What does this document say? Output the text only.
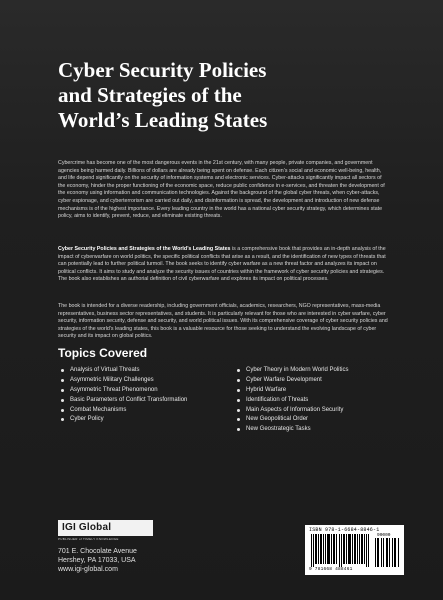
Cyber Security Policies
and Strategies of the
World’s Leading States
Cybercrime has become one of the most dangerous events in the 21st century, with many people, private companies, and government agencies being harmed daily. Billions of dollars are already being spent on defense. Each citizen’s social and economic well-being, health, and life depend significantly on the security of information systems and electronic services. Cyber-attacks significantly impact all sectors of the economy, hinder the proper functioning of the economic space, reduce public confidence in e-services, and threaten the development of the economy using information and communication technologies. Against the background of the global cyber threats, when cyber-attacks, cyber espionage, and cyberterrorism are carried out daily, and disinformation is spread, the development and introduction of new defense mechanisms is of the highest importance. Every leading country in the world has a national cyber security strategy, which determines state policy, aims to identify, prevent, reduce, and eliminate existing threats.
Cyber Security Policies and Strategies of the World’s Leading States is a comprehensive book that provides an in-depth analysis of the impact of cyberwarfare on world politics, the specific political conflicts that arise as a result, and the identification of new types of threats that can potentially lead to further political turmoil. The book seeks to identify cyber warfare as a new threat factor and analyzes its impact on political conflicts. It aims to study and analyze the security issues of countries within the framework of cyber security policies and strategies. The book also establishes an authorial definition of civil cyberwarfare and explores its impact on political processes.
The book is intended for a diverse readership, including government officials, academics, researchers, NGO representatives, mass-media representatives, business sector representatives, and students. It is particularly relevant for those who are interested in cyber warfare, cyber security, information security, defense and security, and world political issues. With its comprehensive coverage of cyber security policies and strategies of the world’s leading states, this book is a valuable resource for those seeking to understand the evolving landscape of cyber security and its impact on global politics.
Topics Covered
Analysis of Virtual Threats
Asymmetric Military Challenges
Asymmetric Threat Phenomenon
Basic Parameters of Conflict Transformation
Combat Mechanisms
Cyber Policy
Cyber Theory in Modern World Politics
Cyber Warfare Development
Hybrid Warfare
Identification of Threats
Main Aspects of Information Security
New Geopolitical Order
New Geostrategic Tasks
IGI Global
PUBLISHER of TIMELY KNOWLEDGE
701 E. Chocolate Avenue
Hershey, PA 17033, USA
www.igi-global.com
ISBN 978-1-6684-8846-1
90000
9 781668 488461
